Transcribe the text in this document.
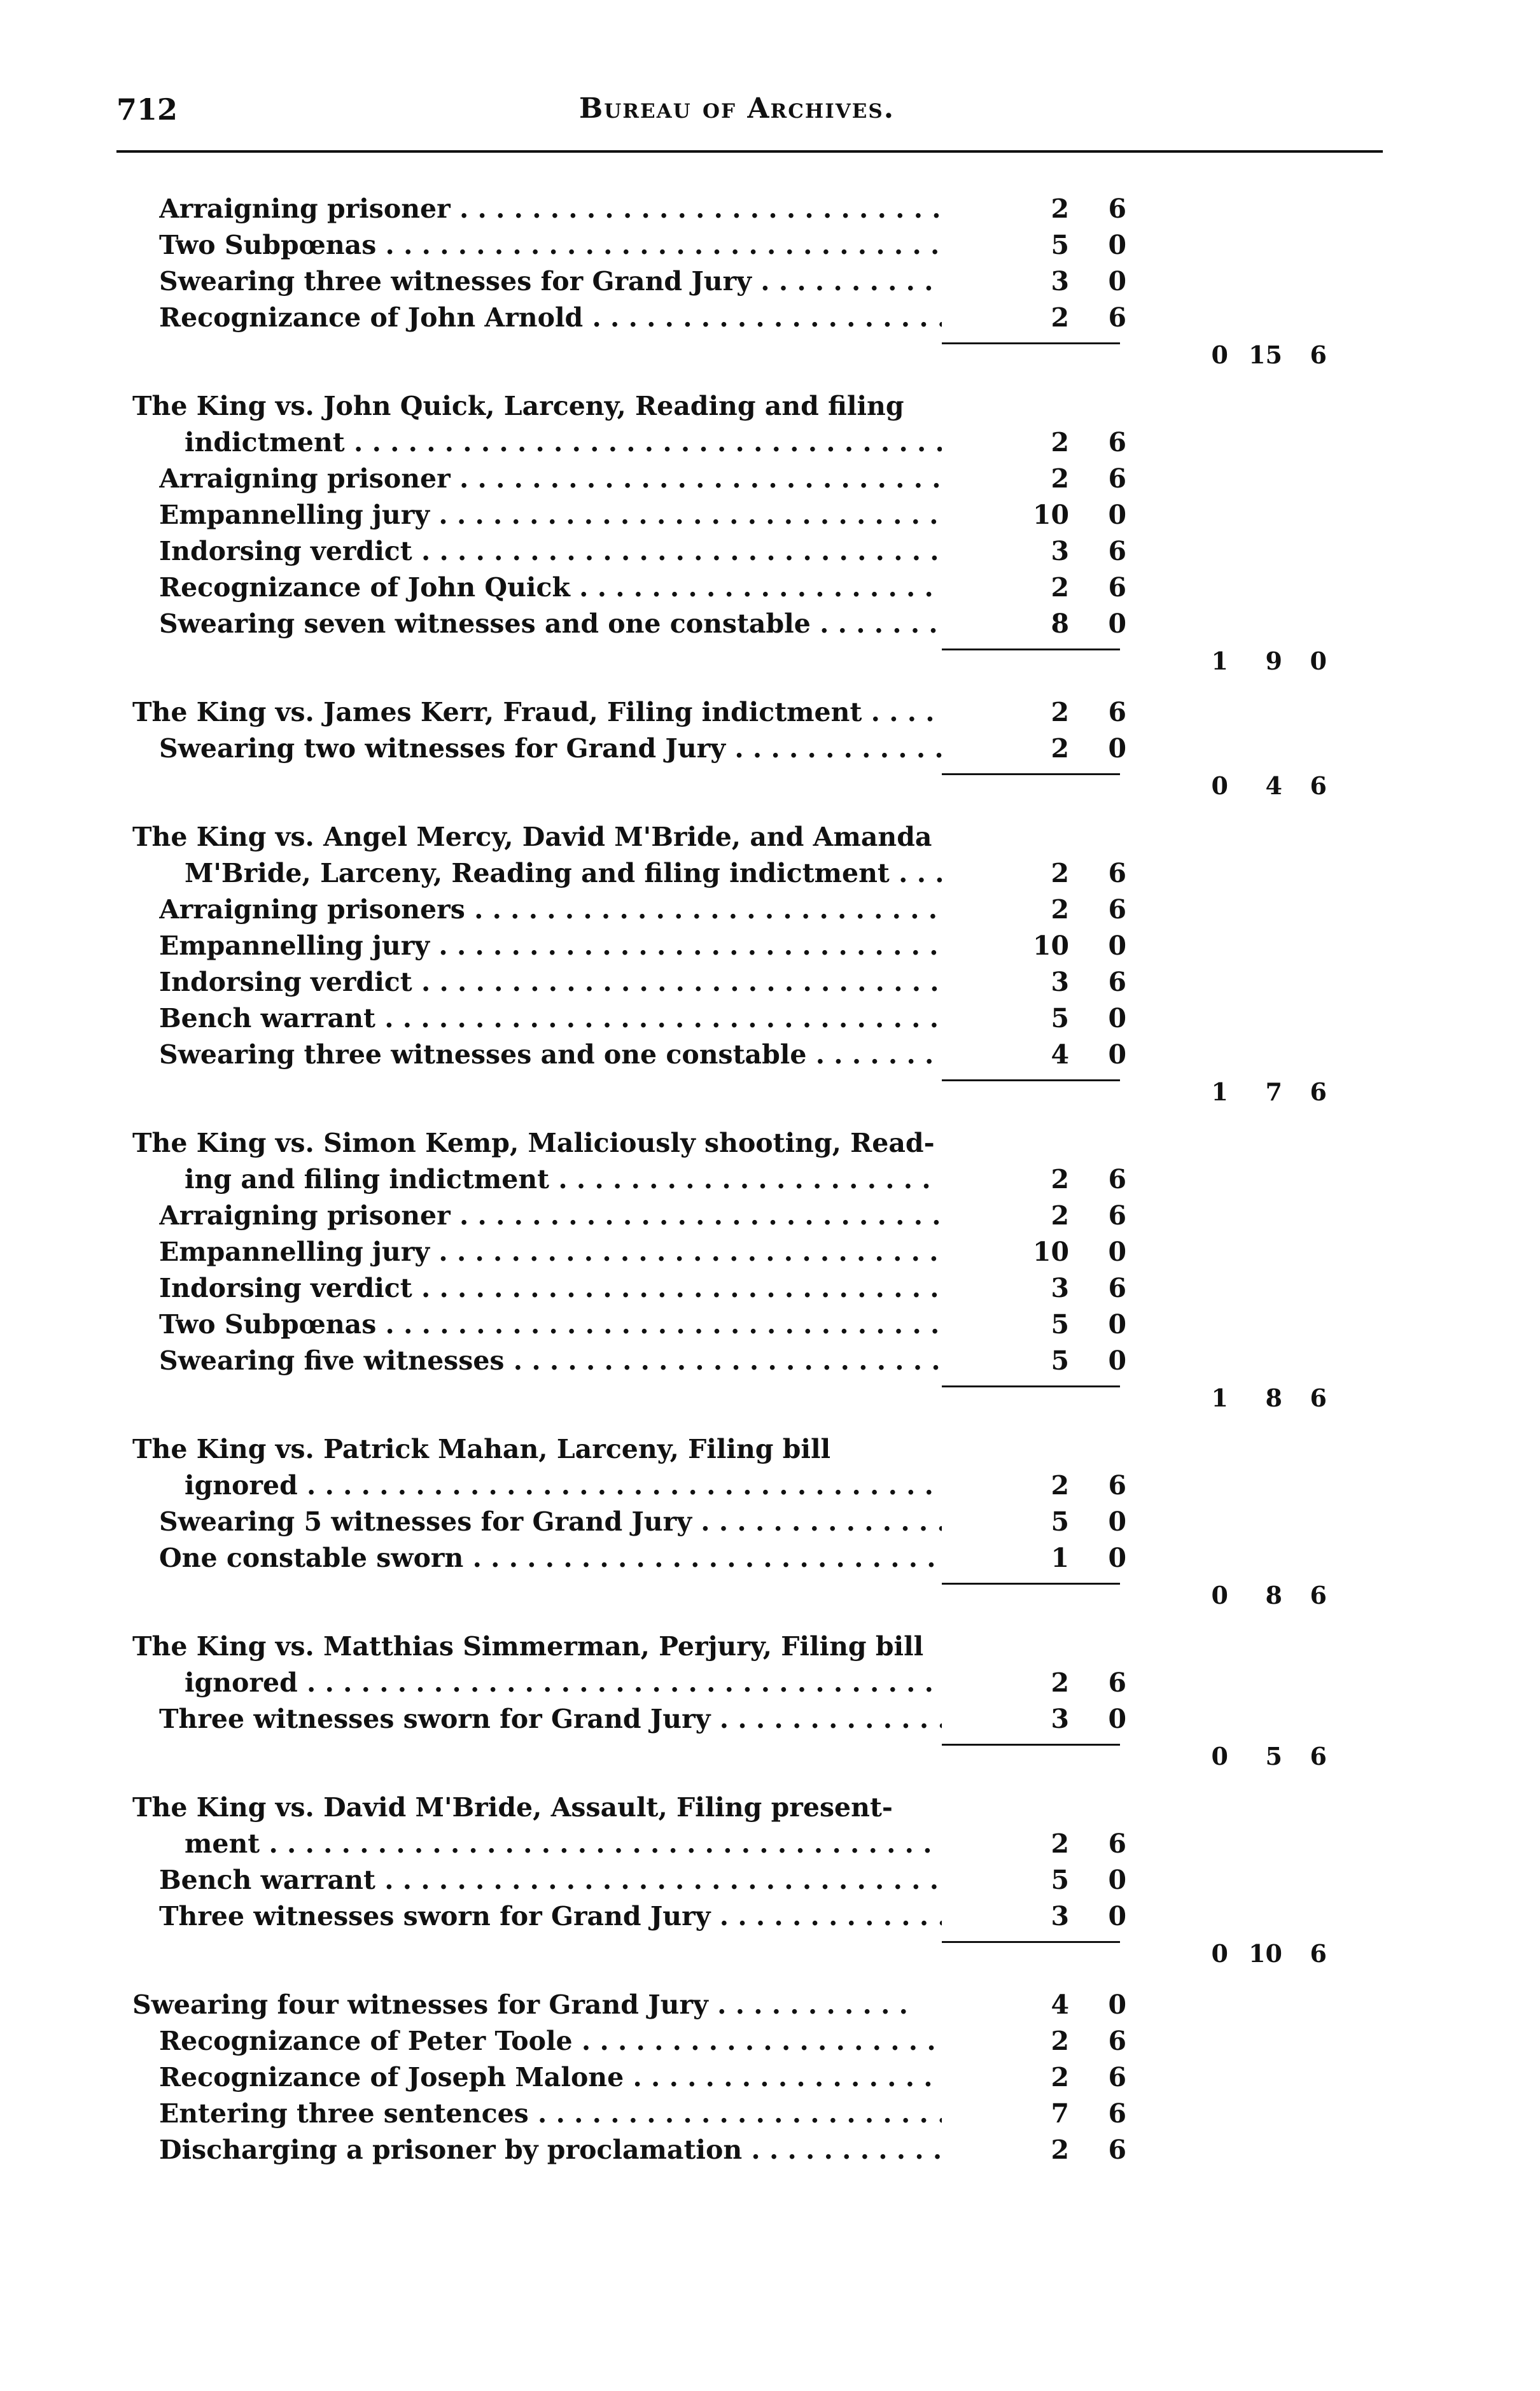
712	Bureau of Archives.
Arraigning prisoner . . .	2	6
Two Subpœnas . . .	5	0
Swearing three witnesses for Grand Jury . . .	3	0
Recognizance of John Arnold . . .	2	6
0 15	6
The King vs. John Quick, Larceny, Reading and filing
indictment . . .	2	6
Arraigning prisoner . . .	2	6
Empannelling jury . . .	10	0
Indorsing verdict . . .	3	6
Recognizance of John Quick . . .	2	6
Swearing seven witnesses and one constable . . .	8	0
1	9	0
The King vs. James Kerr, Fraud, Filing indictment . . .	2	6
Swearing two witnesses for Grand Jury . . .	2	0
0	4	6
The King vs. Angel Mercy, David M'Bride, and Amanda
M'Bride, Larceny, Reading and filing indictment . . .	2	6
Arraigning prisoners . . .	2	6
Empannelling jury . . .	10	0
Indorsing verdict . . .	3	6
Bench warrant . . .	5	0
Swearing three witnesses and one constable . . .	4	0
1	7	6
The King vs. Simon Kemp, Maliciously shooting, Read-
ing and filing indictment . . .	2	6
Arraigning prisoner . . .	2	6
Empannelling jury . . .	10	0
Indorsing verdict . . .	3	6
Two Subpœnas . . .	5	0
Swearing five witnesses . . .	5	0
1	8	6
The King vs. Patrick Mahan, Larceny, Filing bill
ignored . . .	2	6
Swearing 5 witnesses for Grand Jury . . .	5	0
One constable sworn . . .	1	0
0	8	6
The King vs. Matthias Simmerman, Perjury, Filing bill
ignored . . .	2	6
Three witnesses sworn for Grand Jury . . .	3	0
0	5	6
The King vs. David M'Bride, Assault, Filing present-
ment . . .	2	6
Bench warrant . . .	5	0
Three witnesses sworn for Grand Jury . . .	3	0
0 10	6
Swearing four witnesses for Grand Jury . . .	4	0
Recognizance of Peter Toole . . .	2	6
Recognizance of Joseph Malone . . .	2	6
Entering three sentences . . .	7	6
Discharging a prisoner by proclamation . . .	2	6
